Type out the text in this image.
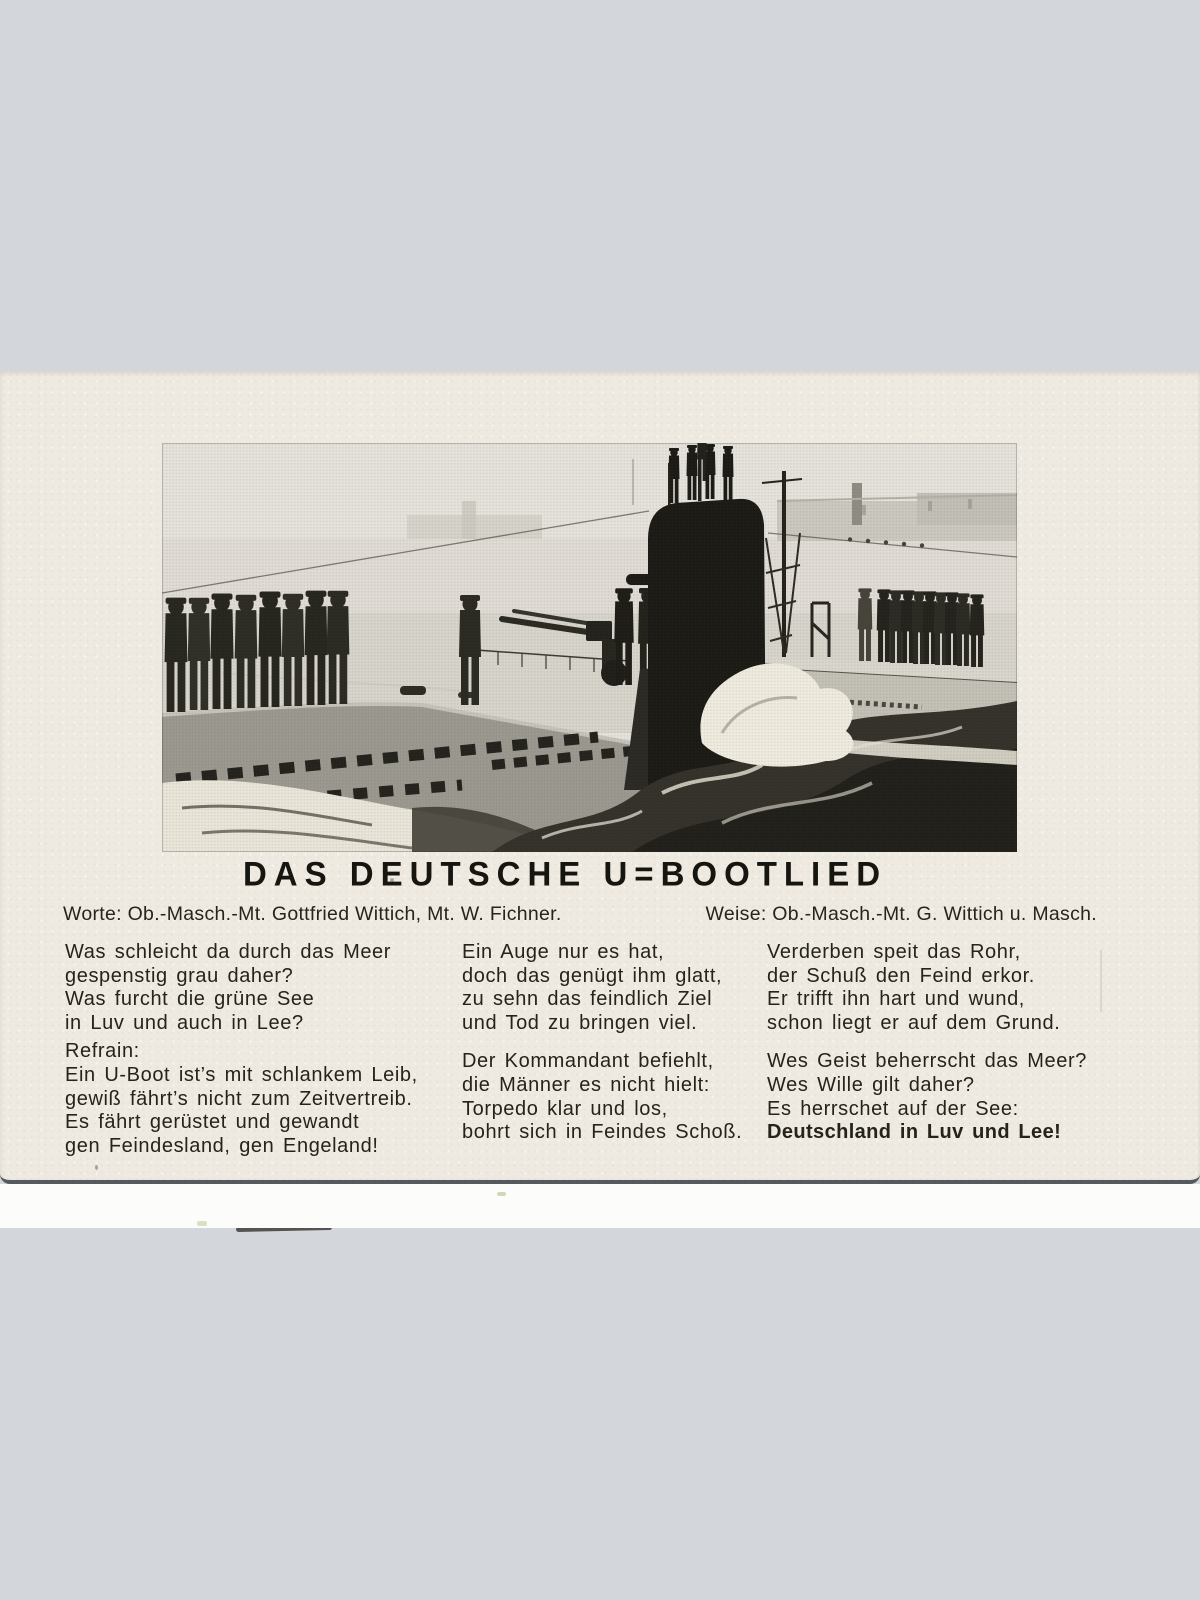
DAS DEUTSCHE U=BOOTLIED
Worte: Ob.-Masch.-Mt. Gottfried Wittich, Mt. W. Fichner.	Weise: Ob.-Masch.-Mt. G. Wittich u. Masch.
Was schleicht da durch das Meer
gespenstig grau daher?
Was furcht die grüne See
in Luv und auch in Lee?
Refrain:
Ein U-Boot ist’s mit schlankem Leib,
gewiß fährt’s nicht zum Zeitvertreib.
Es fährt gerüstet und gewandt
gen Feindesland, gen Engeland!
Ein Auge nur es hat,
doch das genügt ihm glatt,
zu sehn das feindlich Ziel
und Tod zu bringen viel.
Der Kommandant befiehlt,
die Männer es nicht hielt:
Torpedo klar und los,
bohrt sich in Feindes Schoß.
Verderben speit das Rohr,
der Schuß den Feind erkor.
Er trifft ihn hart und wund,
schon liegt er auf dem Grund.
Wes Geist beherrscht das Meer?
Wes Wille gilt daher?
Es herrschet auf der See:
Deutschland in Luv und Lee!
